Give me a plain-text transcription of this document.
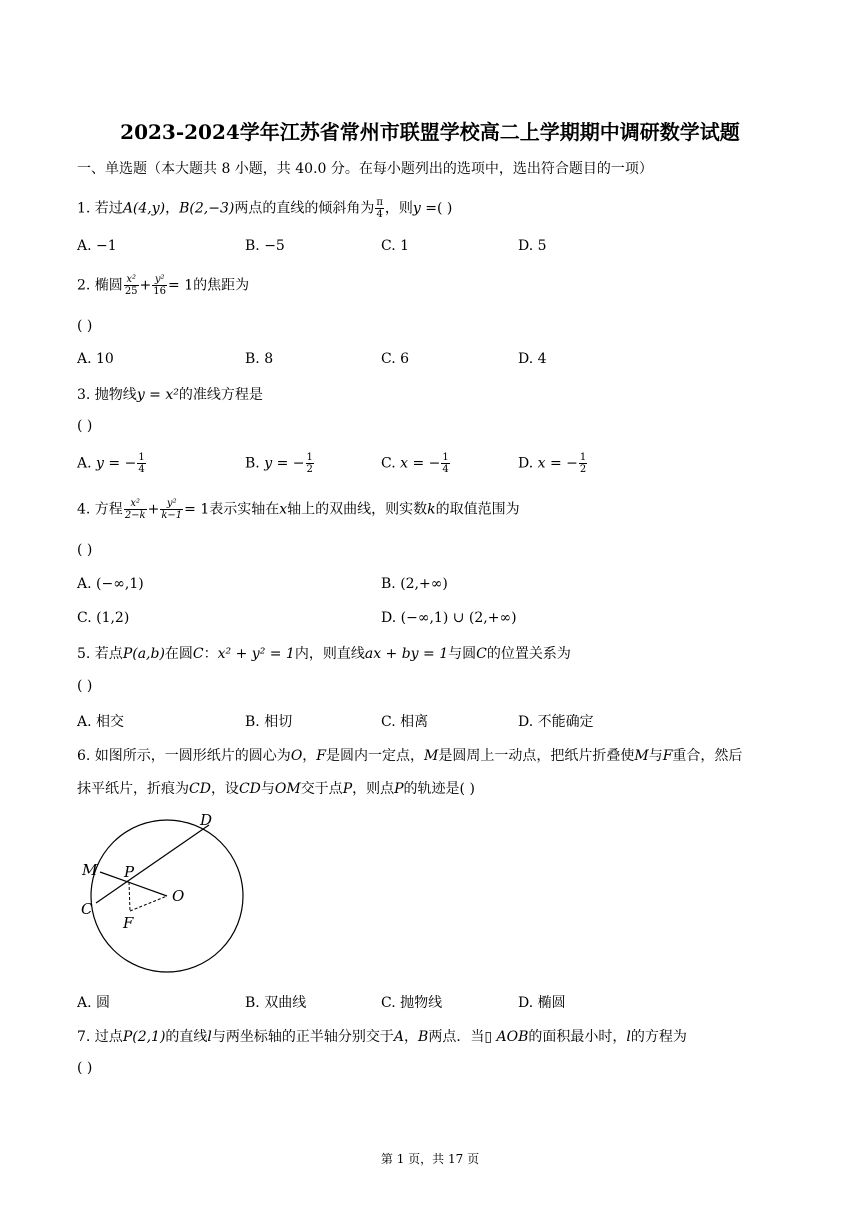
2023-2024学年江苏省常州市联盟学校高二上学期期中调研数学试题
一、单选题（本大题共 8 小题，共 40.0 分。在每小题列出的选项中，选出符合题目的一项）
1. 若过A(4,y)，B(2,−3)两点的直线的倾斜角为 $\frac{\pi}{4}$ ，则y =( )
A. −1	B. −5	C. 1	D. 5
2. 椭圆 $\frac{\text{x²}}{25} + \frac{\text{y²}}{16} = 1$的焦距为
( )
A. 10	B. 8	C. 6	D. 4
3. 抛物线y = x²的准线方程是
( )
A. y = − $\frac{1}{4}$	B. y = − $\frac{1}{2}$	C. x = − $\frac{1}{4}$	D. x = − $\frac{1}{2}$
4. 方程 $\frac{\text{x²}}{2-k} + \frac{\text{y²}}{k-1} = 1$表示实轴在x轴上的双曲线，则实数k的取值范围为
( )
A. (−∞,1)	B. (2,+∞)
C. (1,2)	D. (−∞,1) ∪ (2,+∞)
5. 若点P(a,b)在圆C：x² + y² = 1内，则直线ax + by = 1与圆C的位置关系为
( )
A. 相交	B. 相切	C. 相离	D. 不能确定
6. 如图所示，一圆形纸片的圆心为O，F是圆内一定点，M是圆周上一动点，把纸片折叠使M与F重合，然后
抹平纸片，折痕为CD，设CD与OM交于点P，则点P的轨迹是( )
D
M P
O
C
F
A. 圆	B. 双曲线	C. 抛物线	D. 椭圆
7. 过点P(2,1)的直线l与两坐标轴的正半轴分别交于A，B两点．当▯ AOB的面积最小时，l的方程为
( )
第 1 页，共 17 页
